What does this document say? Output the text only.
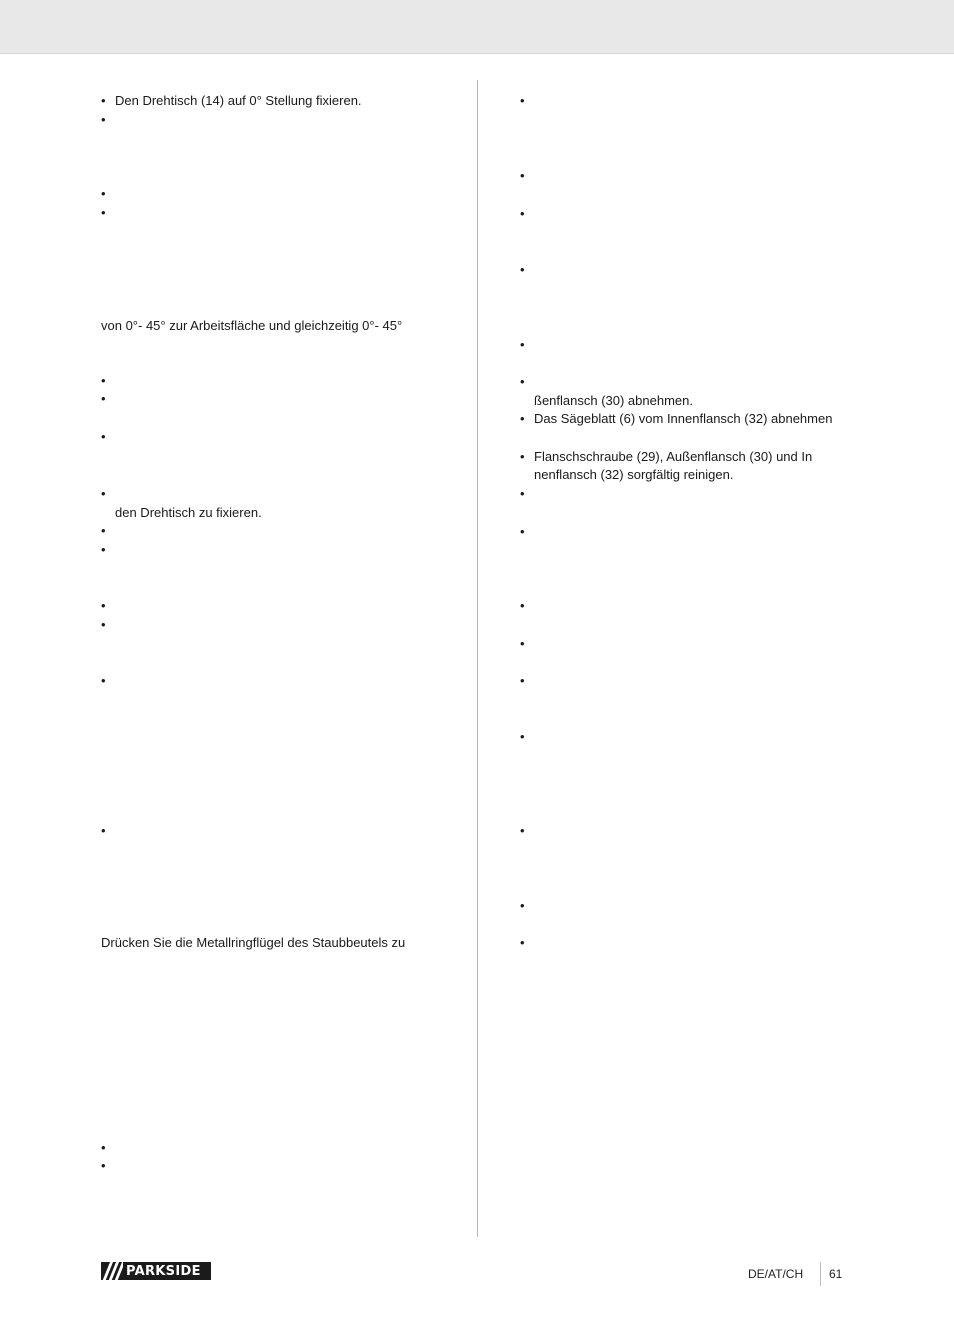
• Den Drehtisch (14) auf 0° Stellung fixieren.
•
•
•
von 0°- 45° zur Arbeitsfläche und gleichzeitig 0°- 45°
•
•
•
•
den Drehtisch zu fixieren.
•
•
•
•
•
•
Drücken Sie die Metallringflügel des Staubbeutels zu
•
•
•
•
•
•
•
•
ßenflansch (30) abnehmen.
• Das Sägeblatt (6) vom Innenflansch (32) abnehmen
• Flanschschraube (29), Außenflansch (30) und In
nenflansch (32) sorgfältig reinigen.
•
•
•
•
•
•
•
•
•
PARKSIDE	DE/AT/CH 61
